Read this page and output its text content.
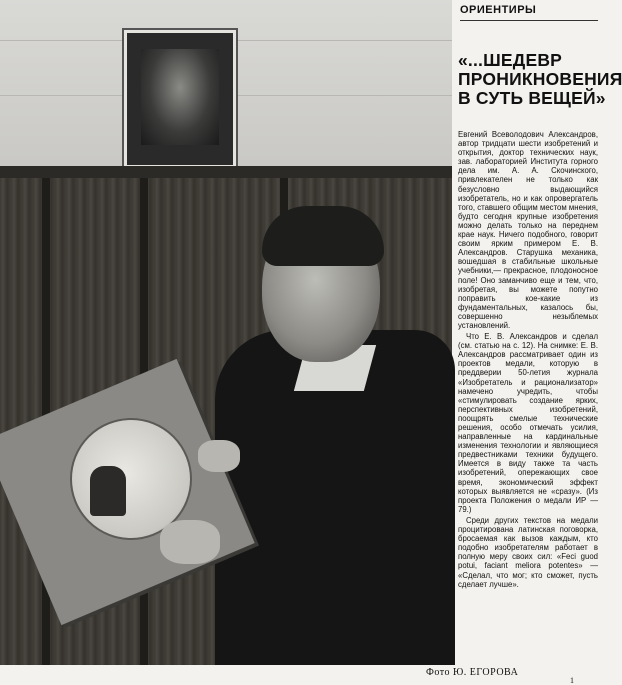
ОРИЕНТИРЫ
«...ШЕДЕВР
ПРОНИКНОВЕНИЯ
В СУТЬ ВЕЩЕЙ»

Евгений Всеволодович Александров, автор тридцати шести изобретений и открытия, доктор технических наук, зав. лабораторией Института горного дела им. А. А. Скочинского, привлекателен не только как безусловно выдающийся изобретатель, но и как опровергатель того, ставшего общим местом мнения, будто сегодня крупные изобретения можно делать только на переднем крае наук. Ничего подобного, говорит своим ярким примером Е. В. Александров. Старушка механика, вошедшая в стабильные школьные учебники,— прекрасное, плодоносное поле! Оно заманчиво еще и тем, что, изобретая, вы можете попутно поправить кое-какие из фундаментальных, казалось бы, совершенно незыблемых установлений.

Что Е. В. Александров и сделал (см. статью на с. 12). На снимке: Е. В. Александров рассматривает один из проектов медали, которую в преддверии 50-летия журнала «Изобретатель и рационализатор» намечено учредить, чтобы «стимулировать создание ярких, перспективных изобретений, поощрять смелые технические решения, особо отмечать усилия, направленные на кардинальные изменения технологии и являющиеся предвестниками техники будущего. Имеется в виду также та часть изобретений, опережающих свое время, экономический эффект которых выявляется не «сразу». (Из проекта Положения о медали ИР — 79.)

Среди других текстов на медали процитирована латинская поговорка, бросаемая как вызов каждым, кто подобно изобретателям работает в полную меру своих сил: «Feci guod potui, faciant meliora potentes» — «Сделал, что мог; кто сможет, пусть сделает лучше».

Фото Ю. ЕГОРОВА
1
